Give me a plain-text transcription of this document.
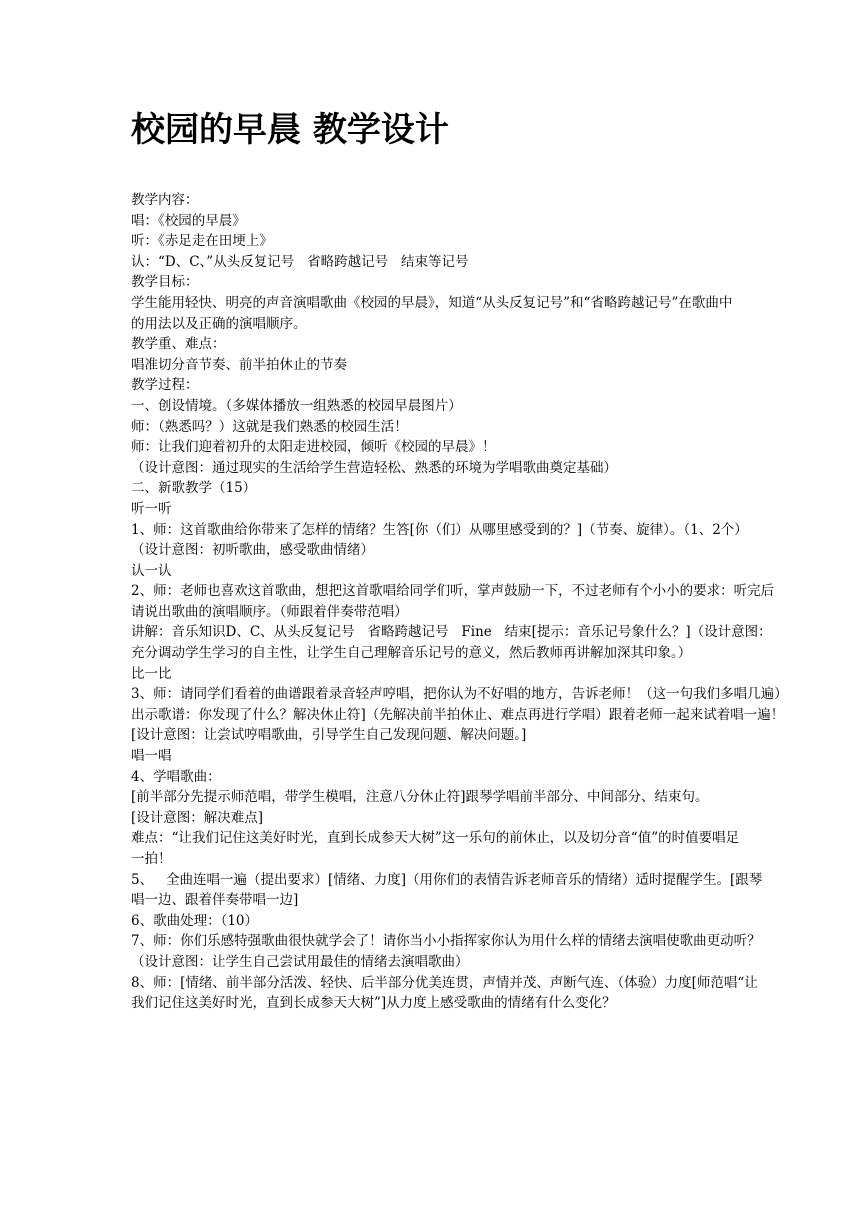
校园的早晨 教学设计
教学内容：
唱：《校园的早晨》
听：《赤足走在田埂上》
认：“D、C、”从头反复记号   省略跨越记号   结束等记号
教学目标：
学生能用轻快、明亮的声音演唱歌曲《校园的早晨》，知道“从头反复记号”和“省略跨越记号”在歌曲中
的用法以及正确的演唱顺序。
教学重、难点：
唱准切分音节奏、前半拍休止的节奏
教学过程：
一、创设情境。（多媒体播放一组熟悉的校园早晨图片）
师：（熟悉吗？）这就是我们熟悉的校园生活！
师：让我们迎着初升的太阳走进校园，倾听《校园的早晨》！
（设计意图：通过现实的生活给学生营造轻松、熟悉的环境为学唱歌曲奠定基础）
二、新歌教学（15）
听一听
1、师：这首歌曲给你带来了怎样的情绪？生答[你（们）从哪里感受到的？]（节奏、旋律）。（1、2个）
（设计意图：初听歌曲，感受歌曲情绪）
认一认
2、师：老师也喜欢这首歌曲，想把这首歌唱给同学们听，掌声鼓励一下，不过老师有个小小的要求：听完后
请说出歌曲的演唱顺序。（师跟着伴奏带范唱）
讲解：音乐知识D、C、从头反复记号   省略跨越记号   Fine   结束[提示：音乐记号象什么？]（设计意图：
充分调动学生学习的自主性，让学生自己理解音乐记号的意义，然后教师再讲解加深其印象。）
比一比
3、师：请同学们看着的曲谱跟着录音轻声哼唱，把你认为不好唱的地方，告诉老师！（这一句我们多唱几遍）
出示歌谱：你发现了什么？解决休止符]（先解决前半拍休止、难点再进行学唱）跟着老师一起来试着唱一遍！
[设计意图：让尝试哼唱歌曲，引导学生自己发现问题、解决问题。]
唱一唱
4、学唱歌曲：
[前半部分先提示师范唱，带学生模唱，注意八分休止符]跟琴学唱前半部分、中间部分、结束句。
[设计意图：解决难点]
难点：“让我们记住这美好时光，直到长成参天大树”这一乐句的前休止，以及切分音“值”的时值要唱足
一拍！
5、   全曲连唱一遍（提出要求）[情绪、力度]（用你们的表情告诉老师音乐的情绪）适时提醒学生。[跟琴
唱一边、跟着伴奏带唱一边]
6、歌曲处理：（10）
7、师：你们乐感特强歌曲很快就学会了！请你当小小指挥家你认为用什么样的情绪去演唱使歌曲更动听？
（设计意图：让学生自己尝试用最佳的情绪去演唱歌曲）
8、师：[情绪、前半部分活泼、轻快、后半部分优美连贯，声情并茂、声断气连、（体验）力度[师范唱“让
我们记住这美好时光，直到长成参天大树”]从力度上感受歌曲的情绪有什么变化？
